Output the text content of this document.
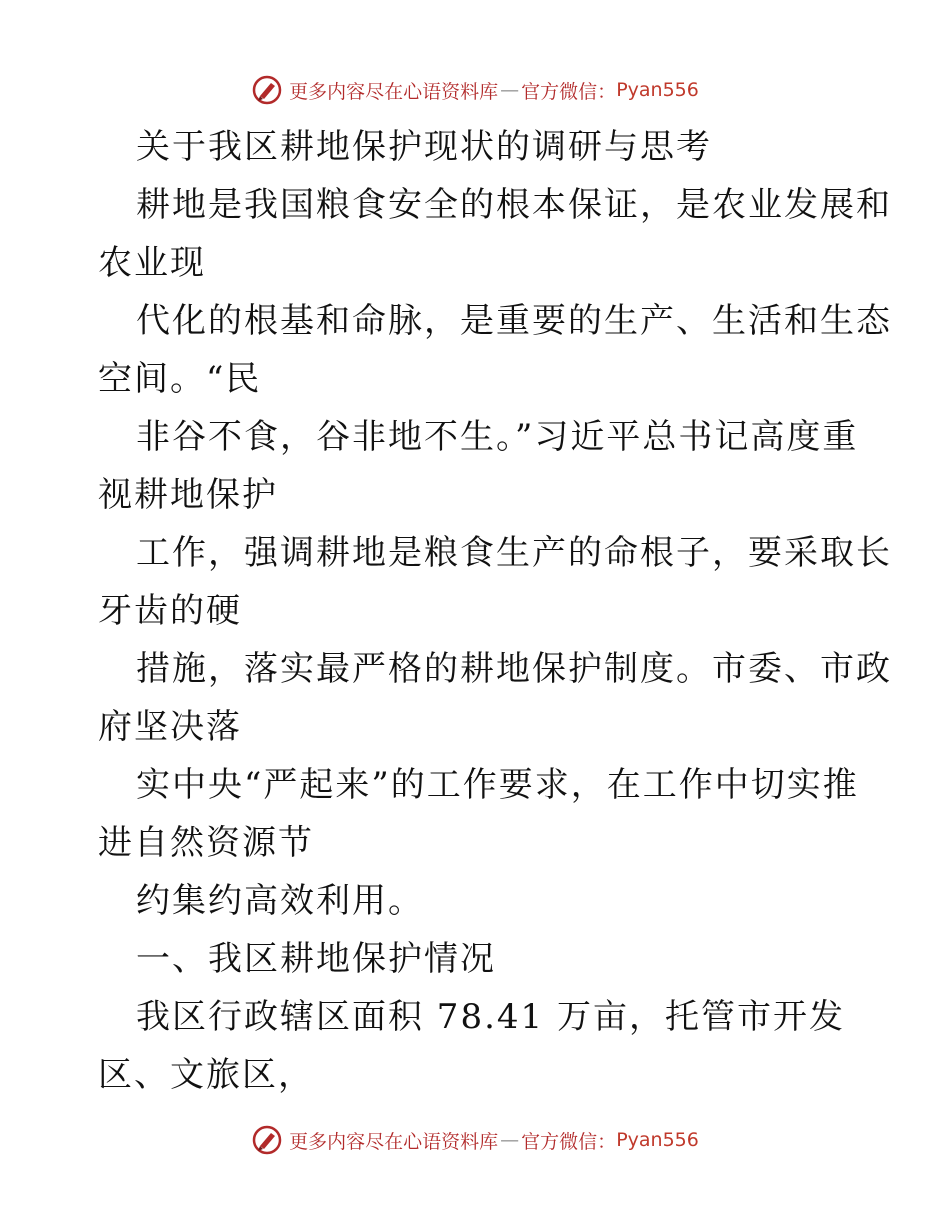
更多内容尽在心语资料库 — 官方微信： Pyan556
关于我区耕地保护现状的调研与思考
耕地是我国粮食安全的根本保证，是农业发展和
农业现
代化的根基和命脉，是重要的生产、生活和生态
空间。“民
非谷不食，谷非地不生。”习近平总书记高度重
视耕地保护
工作，强调耕地是粮食生产的命根子，要采取长
牙齿的硬
措施，落实最严格的耕地保护制度。市委、市政
府坚决落
实中央“严起来”的工作要求，在工作中切实推
进自然资源节
约集约高效利用。
一、我区耕地保护情况
我区行政辖区面积 78.41 万亩，托管市开发
区、文旅区，
更多内容尽在心语资料库 — 官方微信： Pyan556
